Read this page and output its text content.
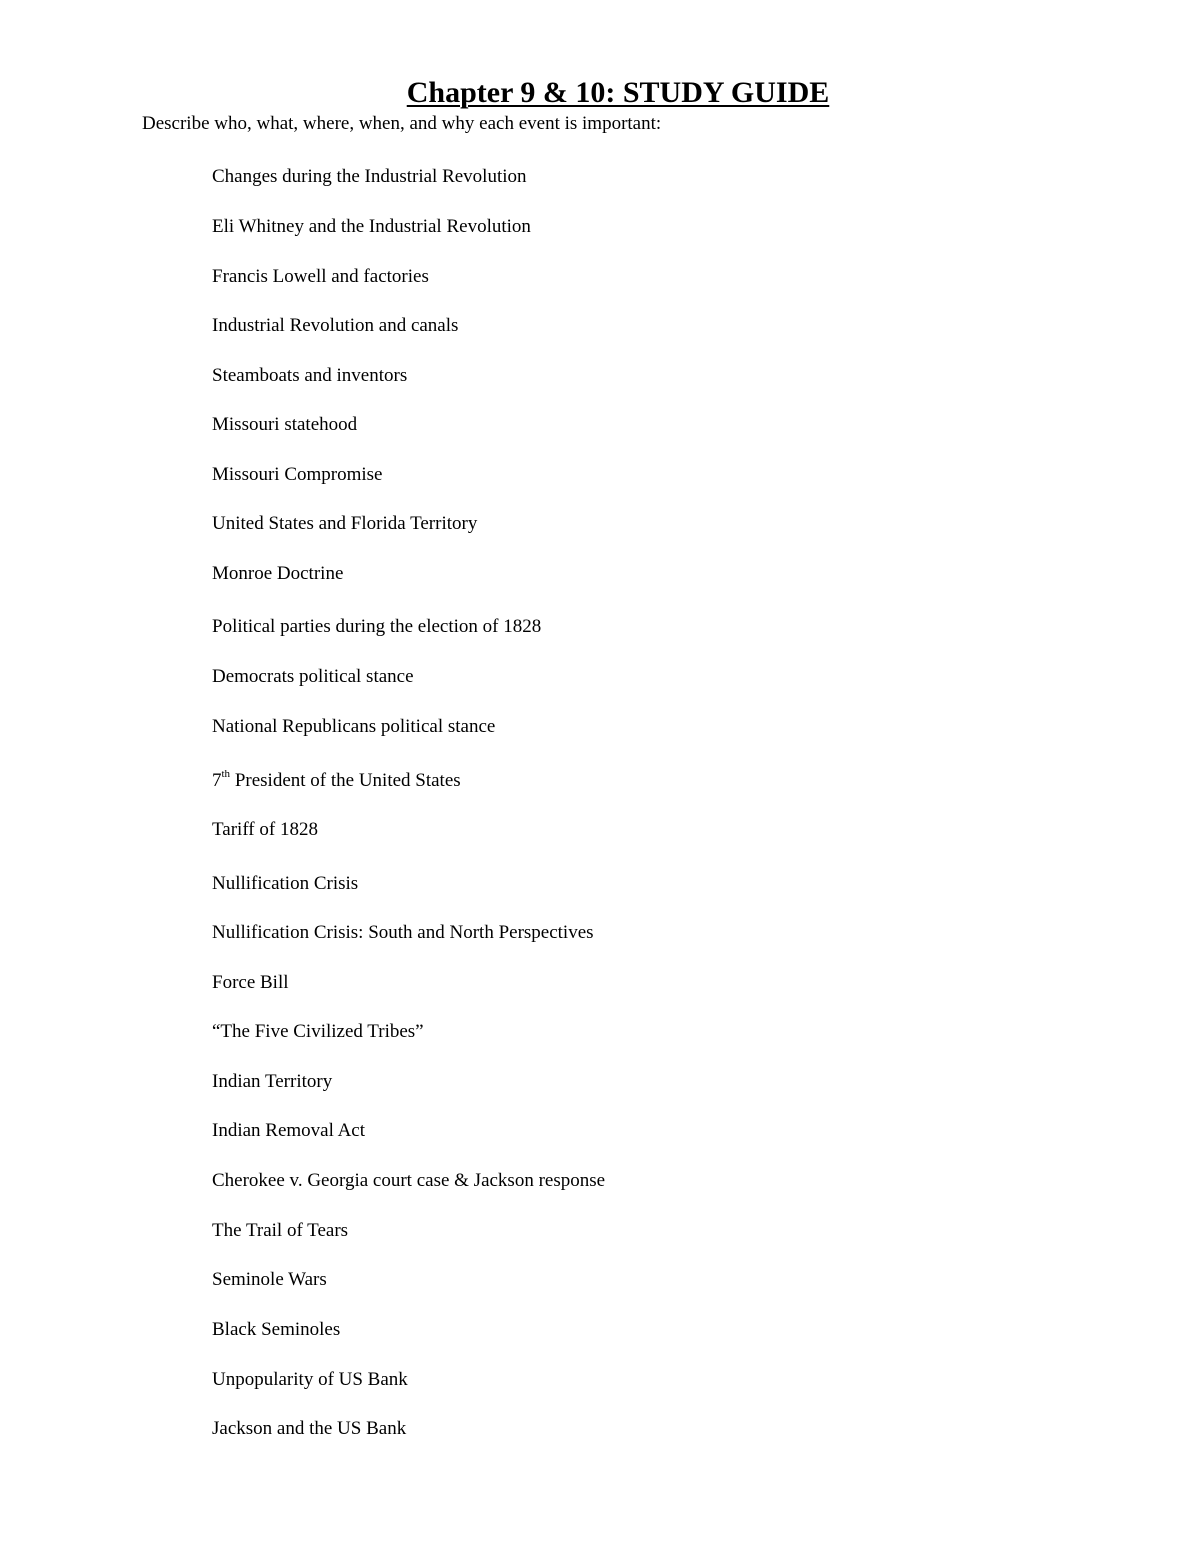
Chapter 9 & 10: STUDY GUIDE

Describe who, what, where, when, and why each event is important:

Changes during the Industrial Revolution

Eli Whitney and the Industrial Revolution

Francis Lowell and factories

Industrial Revolution and canals

Steamboats and inventors

Missouri statehood

Missouri Compromise

United States and Florida Territory

Monroe Doctrine

Political parties during the election of 1828

Democrats political stance

National Republicans political stance

7th President of the United States

Tariff of 1828

Nullification Crisis

Nullification Crisis: South and North Perspectives

Force Bill

“The Five Civilized Tribes”

Indian Territory

Indian Removal Act

Cherokee v. Georgia court case & Jackson response

The Trail of Tears

Seminole Wars

Black Seminoles

Unpopularity of US Bank

Jackson and the US Bank
